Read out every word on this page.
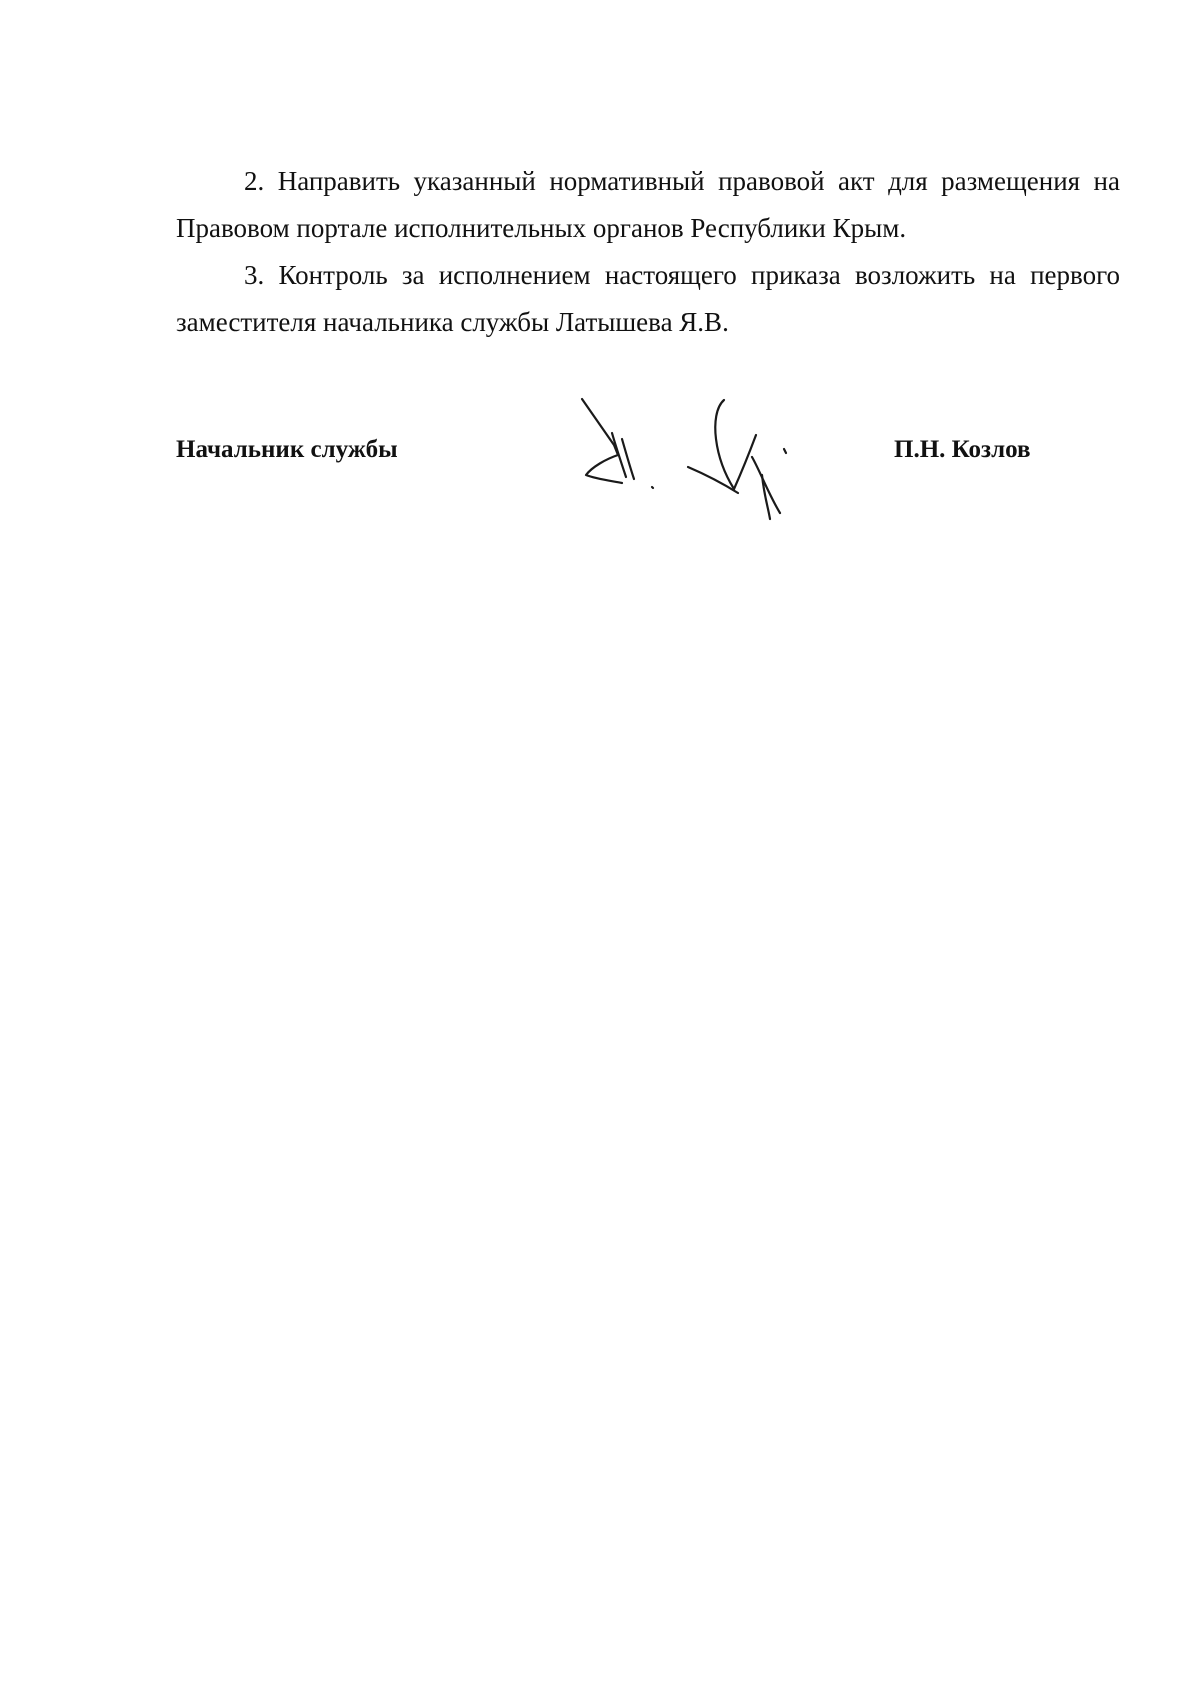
2. Направить указанный нормативный правовой акт для размещения на Правовом портале исполнительных органов Республики Крым.

3. Контроль за исполнением настоящего приказа возложить на первого заместителя начальника службы Латышева Я.В.

Начальник службы	П.Н. Козлов
